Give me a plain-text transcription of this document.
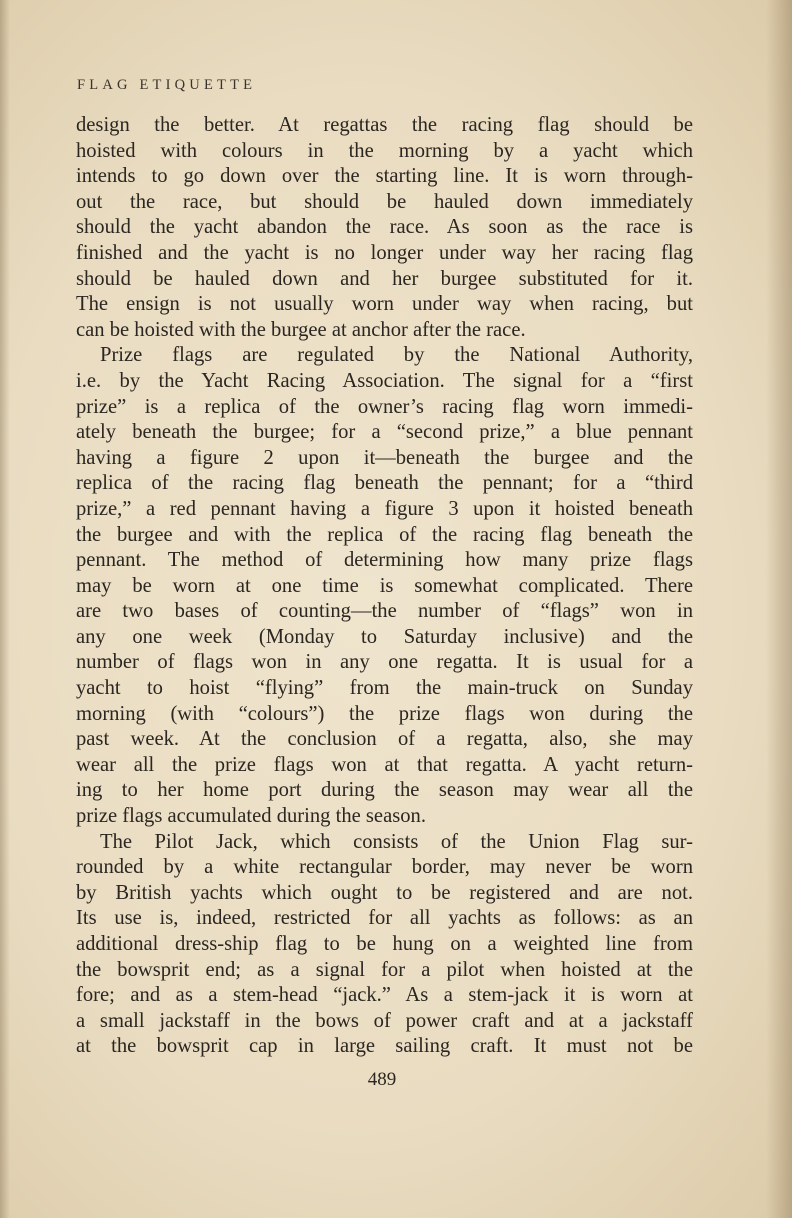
FLAG ETIQUETTE
design the better. At regattas the racing flag should be
hoisted with colours in the morning by a yacht which
intends to go down over the starting line. It is worn through-
out the race, but should be hauled down immediately
should the yacht abandon the race. As soon as the race is
finished and the yacht is no longer under way her racing flag
should be hauled down and her burgee substituted for it.
The ensign is not usually worn under way when racing, but
can be hoisted with the burgee at anchor after the race.
Prize flags are regulated by the National Authority,
i.e. by the Yacht Racing Association. The signal for a “first
prize” is a replica of the owner’s racing flag worn immedi-
ately beneath the burgee; for a “second prize,” a blue pennant
having a figure 2 upon it—beneath the burgee and the
replica of the racing flag beneath the pennant; for a “third
prize,” a red pennant having a figure 3 upon it hoisted beneath
the burgee and with the replica of the racing flag beneath the
pennant. The method of determining how many prize flags
may be worn at one time is somewhat complicated. There
are two bases of counting—the number of “flags” won in
any one week (Monday to Saturday inclusive) and the
number of flags won in any one regatta. It is usual for a
yacht to hoist “flying” from the main-truck on Sunday
morning (with “colours”) the prize flags won during the
past week. At the conclusion of a regatta, also, she may
wear all the prize flags won at that regatta. A yacht return-
ing to her home port during the season may wear all the
prize flags accumulated during the season.
The Pilot Jack, which consists of the Union Flag sur-
rounded by a white rectangular border, may never be worn
by British yachts which ought to be registered and are not.
Its use is, indeed, restricted for all yachts as follows: as an
additional dress-ship flag to be hung on a weighted line from
the bowsprit end; as a signal for a pilot when hoisted at the
fore; and as a stem-head “jack.” As a stem-jack it is worn at
a small jackstaff in the bows of power craft and at a jackstaff
at the bowsprit cap in large sailing craft. It must not be
489
